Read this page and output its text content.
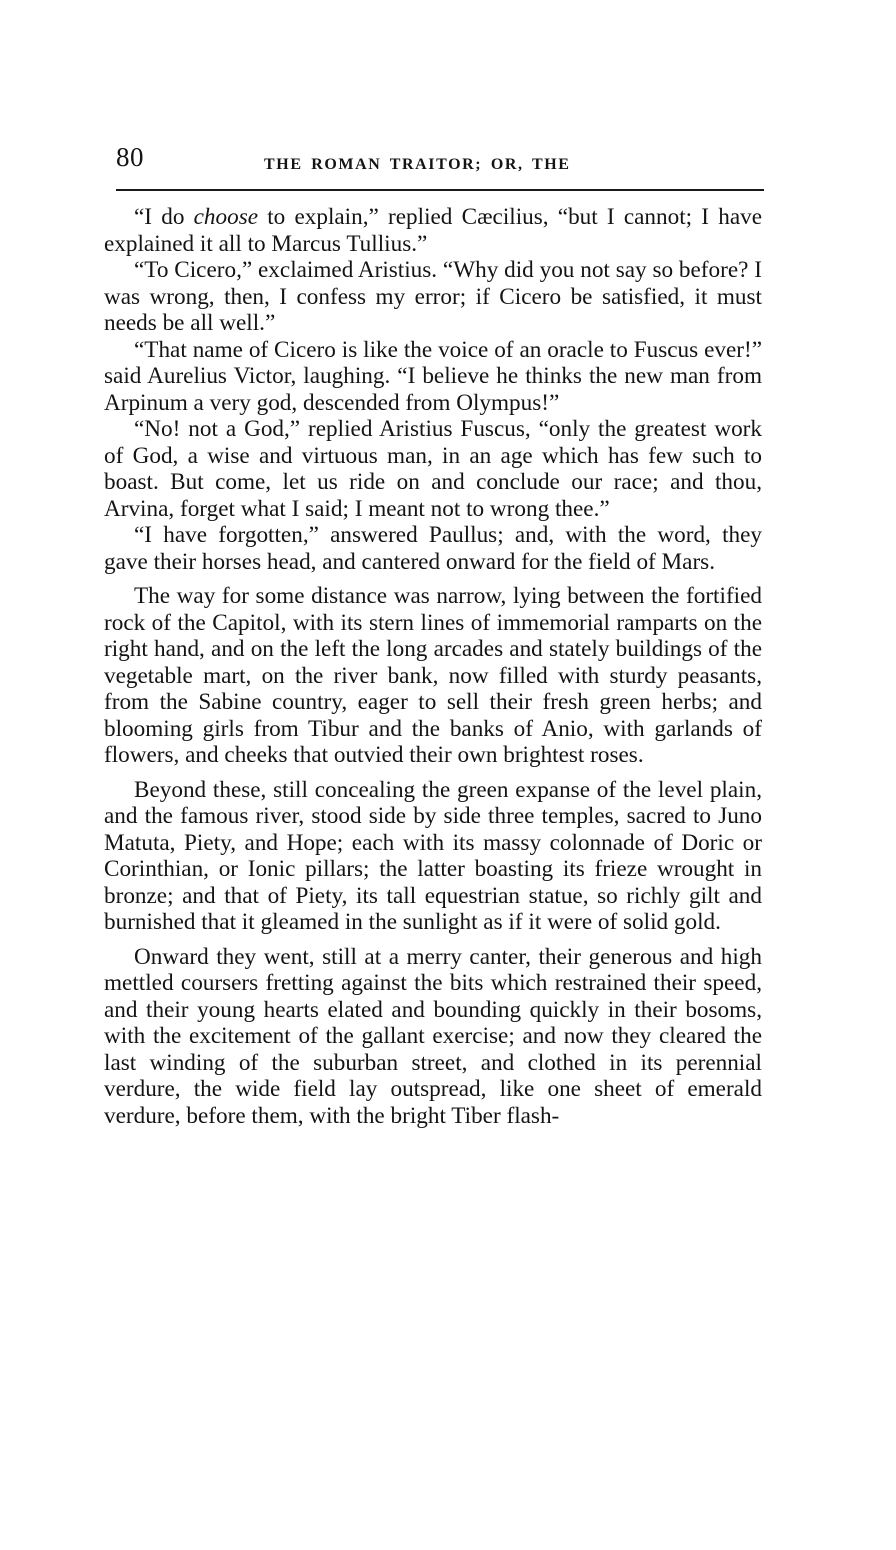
80	THE ROMAN TRAITOR; OR, THE

“I do choose to explain,” replied Cæcilius, “but I cannot; I have explained it all to Marcus Tullius.”

“To Cicero,” exclaimed Aristius. “Why did you not say so before? I was wrong, then, I confess my error; if Cicero be satisfied, it must needs be all well.”

“That name of Cicero is like the voice of an oracle to Fuscus ever!” said Aurelius Victor, laughing. “I believe he thinks the new man from Arpinum a very god, descended from Olympus!”

“No! not a God,” replied Aristius Fuscus, “only the greatest work of God, a wise and virtuous man, in an age which has few such to boast. But come, let us ride on and conclude our race; and thou, Arvina, forget what I said; I meant not to wrong thee.”

“I have forgotten,” answered Paullus; and, with the word, they gave their horses head, and cantered onward for the field of Mars.

The way for some distance was narrow, lying between the fortified rock of the Capitol, with its stern lines of immemorial ramparts on the right hand, and on the left the long arcades and stately buildings of the vegetable mart, on the river bank, now filled with sturdy peasants, from the Sabine country, eager to sell their fresh green herbs; and blooming girls from Tibur and the banks of Anio, with garlands of flowers, and cheeks that outvied their own brightest roses.

Beyond these, still concealing the green expanse of the level plain, and the famous river, stood side by side three temples, sacred to Juno Matuta, Piety, and Hope; each with its massy colonnade of Doric or Corinthian, or Ionic pillars; the latter boasting its frieze wrought in bronze; and that of Piety, its tall equestrian statue, so richly gilt and burnished that it gleamed in the sunlight as if it were of solid gold.

Onward they went, still at a merry canter, their generous and high mettled coursers fretting against the bits which restrained their speed, and their young hearts elated and bounding quickly in their bosoms, with the excitement of the gallant exercise; and now they cleared the last winding of the suburban street, and clothed in its perennial verdure, the wide field lay outspread, like one sheet of emerald verdure, before them, with the bright Tiber flash-
